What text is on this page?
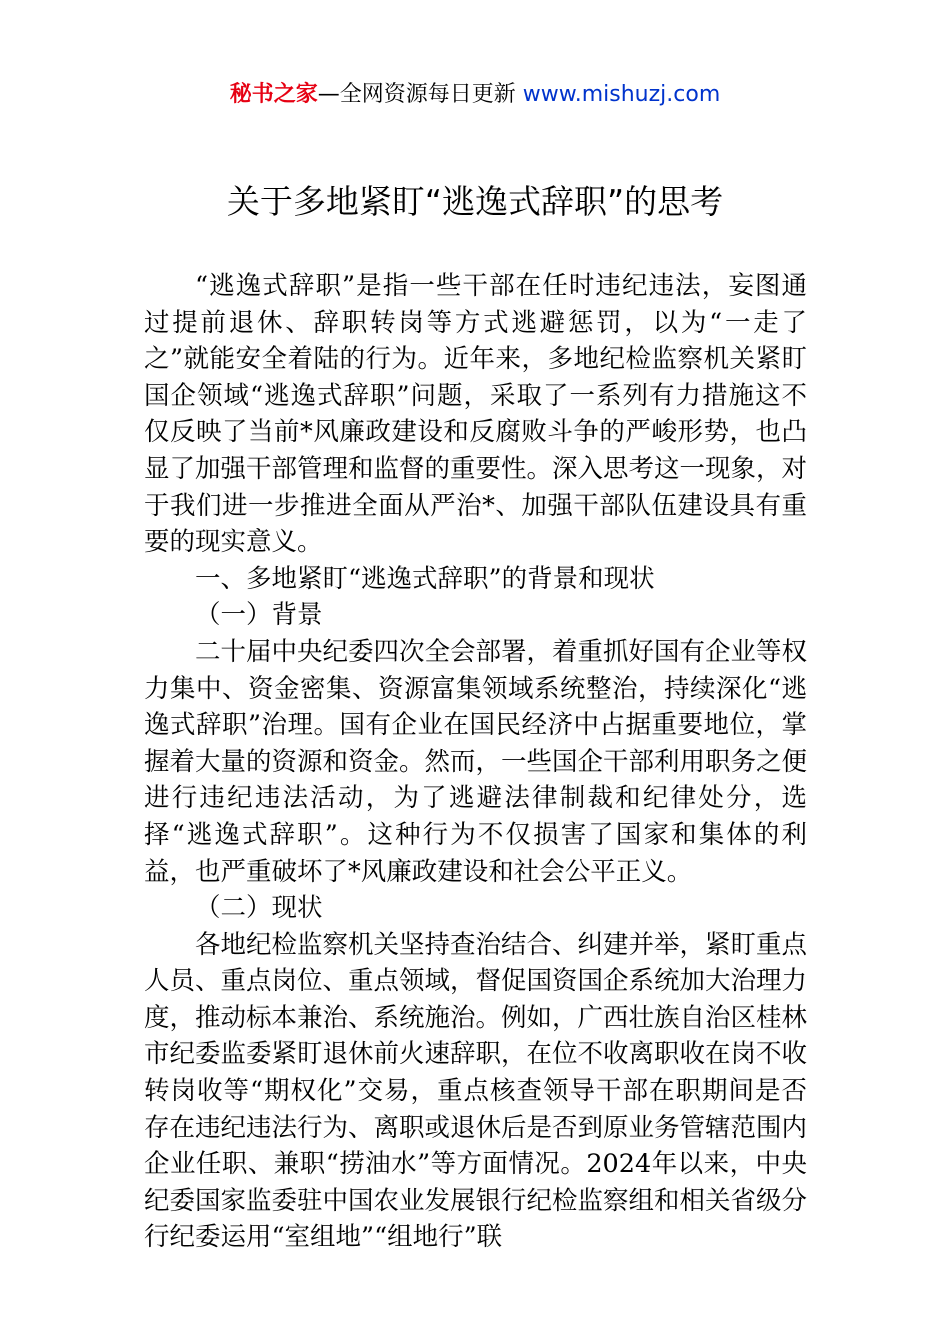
秘书之家—全网资源每日更新 www.mishuzj.com
关于多地紧盯“逃逸式辞职”的思考

“逃逸式辞职”是指一些干部在任时违纪违法，妄图通过提前退休、辞职转岗等方式逃避惩罚，以为“一走了之”就能安全着陆的行为。近年来，多地纪检监察机关紧盯国企领域“逃逸式辞职”问题，采取了一系列有力措施这不仅反映了当前*风廉政建设和反腐败斗争的严峻形势，也凸显了加强干部管理和监督的重要性。深入思考这一现象，对于我们进一步推进全面从严治*、加强干部队伍建设具有重要的现实意义。

一、多地紧盯“逃逸式辞职”的背景和现状

（一）背景

二十届中央纪委四次全会部署，着重抓好国有企业等权力集中、资金密集、资源富集领域系统整治，持续深化“逃逸式辞职”治理。国有企业在国民经济中占据重要地位，掌握着大量的资源和资金。然而，一些国企干部利用职务之便进行违纪违法活动，为了逃避法律制裁和纪律处分，选择“逃逸式辞职”。这种行为不仅损害了国家和集体的利益，也严重破坏了*风廉政建设和社会公平正义。

（二）现状

各地纪检监察机关坚持查治结合、纠建并举，紧盯重点人员、重点岗位、重点领域，督促国资国企系统加大治理力度，推动标本兼治、系统施治。例如，广西壮族自治区桂林市纪委监委紧盯退休前火速辞职，在位不收离职收在岗不收转岗收等“期权化”交易，重点核查领导干部在职期间是否存在违纪违法行为、离职或退休后是否到原业务管辖范围内企业任职、兼职“捞油水”等方面情况。2024年以来，中央纪委国家监委驻中国农业发展银行纪检监察组和相关省级分行纪委运用“室组地”“组地行”联
